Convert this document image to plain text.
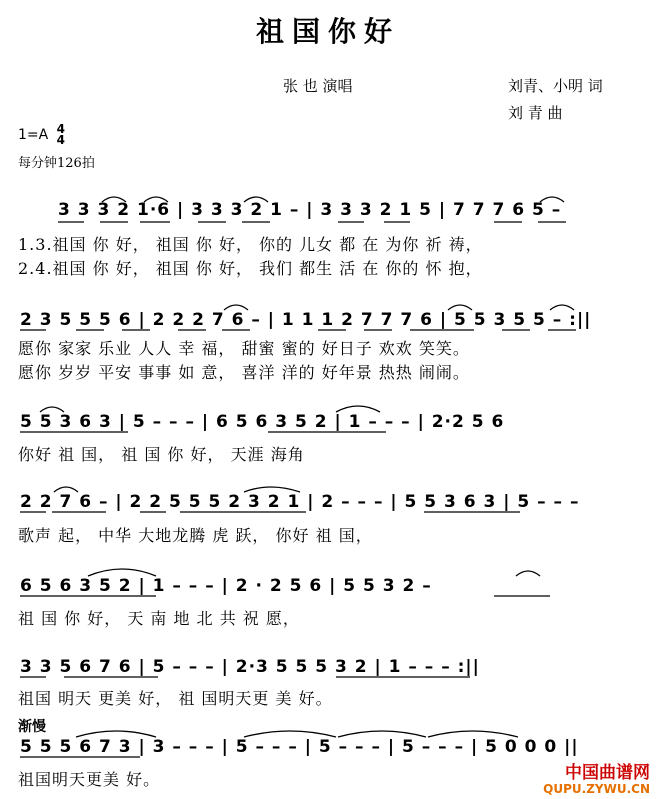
祖国你好
张 也 演唱	刘青、小明 词
刘 青 曲
1=A 4
4
每分钟126拍
3 3 3 2 1·6 | 3 3 3 2 1 – | 3 3 3 2 1 5 | 7 7 7 6 5 –
1.3.祖国 你 好， 祖国 你 好， 你的 儿女 都 在 为你 祈 祷，
2.4.祖国 你 好， 祖国 你 好， 我们 都生 活 在 你的 怀 抱，
2 3 5 5 5 6 | 2 2 2 7 6 – | 1 1 1 2 7 7 7 6 | 5 5 3 5 5 – :||
愿你 家家 乐业 人人 幸 福， 甜蜜 蜜的 好日子 欢欢 笑笑。
愿你 岁岁 平安 事事 如 意， 喜洋 洋的 好年景 热热 闹闹。
5 5 3 6 3 | 5 – – – | 6 5 6 3 5 2 | 1 – – – | 2·2 5 6
你好 祖 国， 祖 国 你 好， 天涯 海角
2 2 7 6 – | 2 2 5 5 5 2 3 2 1 | 2 – – – | 5 5 3 6 3 | 5 – – –
歌声 起， 中华 大地龙腾 虎 跃， 你好 祖 国，
6 5 6 3 5 2 | 1 – – – | 2 · 2 5 6 | 5 5 3 2 –
祖 国 你 好， 天 南 地 北 共 祝 愿，
3 3 5 6 7 6 | 5 – – – | 2·3 5 5 5 3 2 | 1 – – – :||
祖国 明天 更美 好， 祖 国明天更 美 好。
渐慢
5 5 5 6 7 3 | 3 – – – | 5 – – – | 5 – – – | 5 – – – | 5 0 0 0 ||
祖国明天更美 好。	中国曲谱网
QUPU.ZYWU.CN
